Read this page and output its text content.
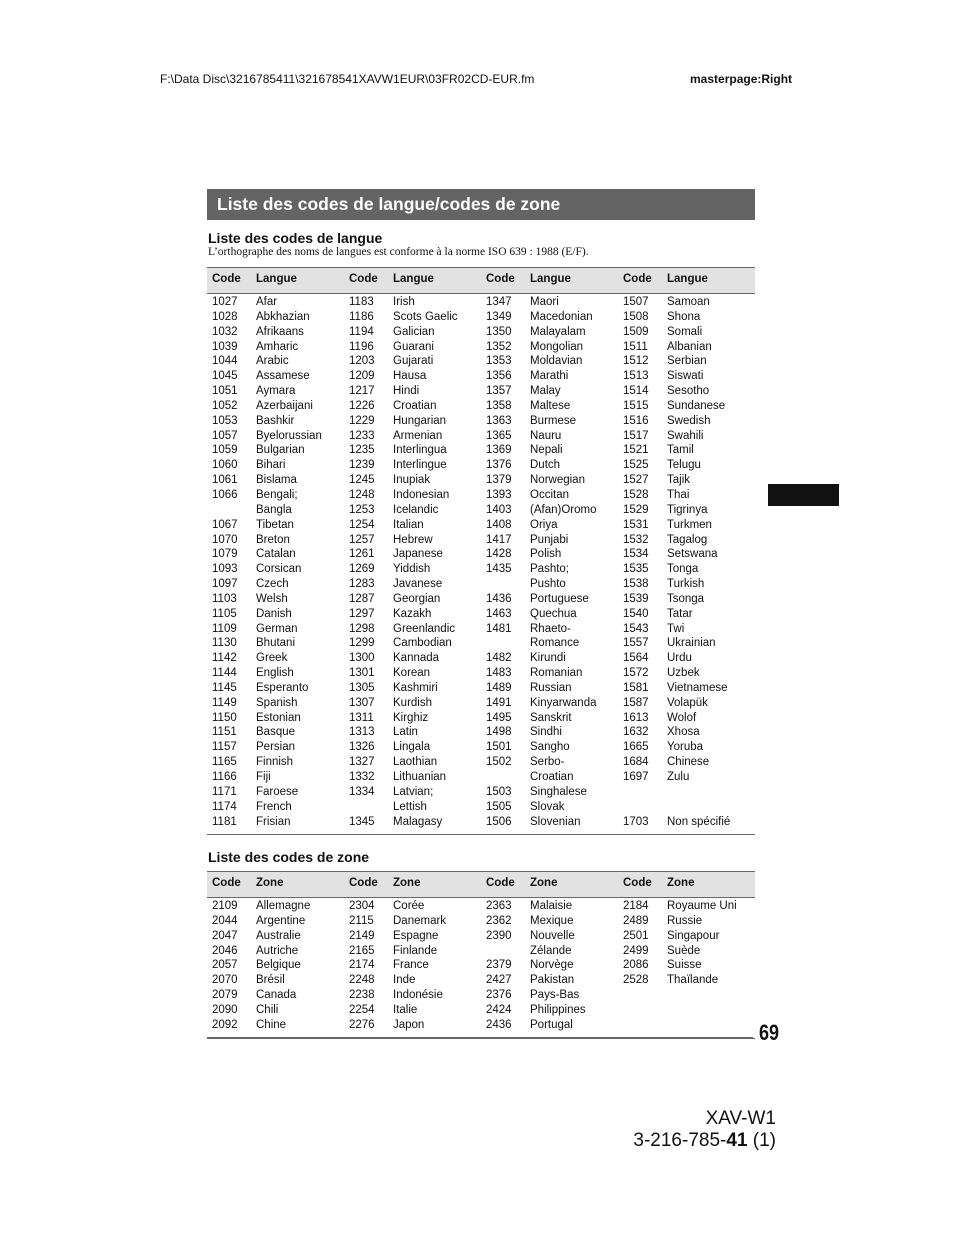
F:\Data Disc\3216785411\321678541XAVW1EUR\03FR02CD-EUR.fm	masterpage:Right
Liste des codes de langue/codes de zone
Liste des codes de langue
L’orthographe des noms de langues est conforme à la norme ISO 639 : 1988 (E/F).
Code Langue	Code Langue	Code Langue	Code Langue
1027 Afar	1183 Irish	1347 Maori	1507 Samoan
1028 Abkhazian	1186 Scots Gaelic 1349 Macedonian	1508 Shona
1032 Afrikaans	1194 Galician	1350 Malayalam	1509 Somali
1039 Amharic	1196 Guarani	1352 Mongolian	1511 Albanian
1044 Arabic	1203 Gujarati	1353 Moldavian	1512 Serbian
1045 Assamese	1209 Hausa	1356 Marathi	1513 Siswati
1051 Aymara	1217 Hindi	1357 Malay	1514 Sesotho
1052 Azerbaijani	1226 Croatian	1358 Maltese	1515 Sundanese
1053 Bashkir	1229 Hungarian	1363 Burmese	1516 Swedish
1057 Byelorussian 1233 Armenian	1365 Nauru	1517 Swahili
1059 Bulgarian	1235 Interlingua	1369 Nepali	1521 Tamil
1060 Bihari	1239 Interlingue	1376 Dutch	1525 Telugu
1061 Bislama	1245 Inupiak	1379 Norwegian	1527 Tajik
1066 Bengali;	1248 Indonesian	1393 Occitan	1528 Thai
Bangla	1253 Icelandic	1403 (Afan)Oromo 1529 Tigrinya
1067 Tibetan	1254 Italian	1408 Oriya	1531 Turkmen
1070 Breton	1257 Hebrew	1417 Punjabi	1532 Tagalog
1079 Catalan	1261 Japanese	1428 Polish	1534 Setswana
1093 Corsican	1269 Yiddish	1435 Pashto;	1535 Tonga
1097 Czech	1283 Javanese	Pushto	1538 Turkish
1103 Welsh	1287 Georgian	1436 Portuguese	1539 Tsonga
1105 Danish	1297 Kazakh	1463 Quechua	1540 Tatar
1109 German	1298 Greenlandic	1481 Rhaeto-	1543 Twi
1130 Bhutani	1299 Cambodian	Romance	1557 Ukrainian
1142 Greek	1300 Kannada	1482 Kirundi	1564 Urdu
1144 English	1301 Korean	1483 Romanian	1572 Uzbek
1145 Esperanto	1305 Kashmiri	1489 Russian	1581 Vietnamese
1149 Spanish	1307 Kurdish	1491 Kinyarwanda 1587 Volapük
1150 Estonian	1311 Kirghiz	1495 Sanskrit	1613 Wolof
1151 Basque	1313 Latin	1498 Sindhi	1632 Xhosa
1157 Persian	1326 Lingala	1501 Sangho	1665 Yoruba
1165 Finnish	1327 Laothian	1502 Serbo-	1684 Chinese
1166 Fiji	1332 Lithuanian	Croatian	1697 Zulu
1171 Faroese	1334 Latvian;	1503 Singhalese
1174 French	Lettish	1505 Slovak
1181 Frisian	1345 Malagasy	1506 Slovenian	1703 Non spécifié
Liste des codes de zone
Code Zone	Code Zone	Code Zone	Code Zone
2109 Allemagne	2304 Corée	2363 Malaisie	2184 Royaume Uni
2044 Argentine	2115 Danemark	2362 Mexique	2489 Russie
2047 Australie	2149 Espagne	2390 Nouvelle	2501 Singapour
2046 Autriche	2165 Finlande	Zélande	2499 Suède
2057 Belgique	2174 France	2379 Norvège	2086 Suisse
2070 Brésil	2248 Inde	2427 Pakistan	2528 Thaïlande
2079 Canada	2238 Indonésie	2376 Pays-Bas
2090 Chili	2254 Italie	2424 Philippines
2092 Chine	2276 Japon	2436 Portugal	69
XAV-W1
3-216-785-41 (1)
